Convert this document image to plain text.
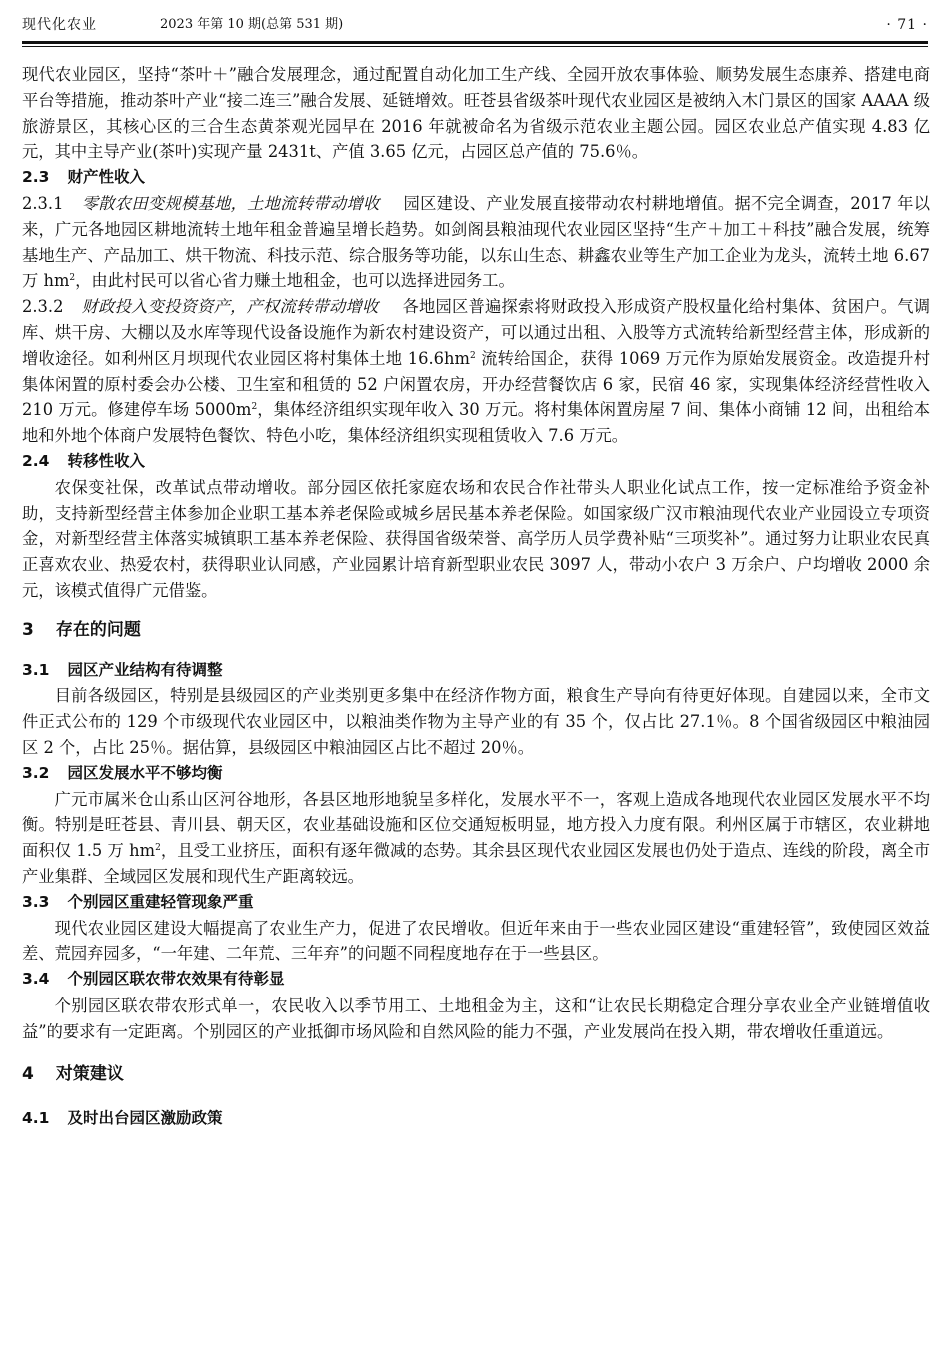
现代化农业	2023 年第 10 期(总第 531 期)	· 71 ·

现代农业园区，坚持“茶叶＋”融合发展理念，通过配置自动化加工生产线、全园开放农事体验、顺势发展生态康养、搭建电商平台等措施，推动茶叶产业“接二连三”融合发展、延链增效。旺苍县省级茶叶现代农业园区是被纳入木门景区的国家 AAAA 级旅游景区，其核心区的三合生态黄茶观光园早在 2016 年就被命名为省级示范农业主题公园。园区农业总产值实现 4.83 亿元，其中主导产业(茶叶)实现产量 2431t、产值 3.65 亿元，占园区总产值的 75.6％。

2.3 财产性收入

2.3.1 零散农田变规模基地，土地流转带动增收 园区建设、产业发展直接带动农村耕地增值。据不完全调查，2017 年以来，广元各地园区耕地流转土地年租金普遍呈增长趋势。如剑阁县粮油现代农业园区坚持“生产＋加工＋科技”融合发展，统筹基地生产、产品加工、烘干物流、科技示范、综合服务等功能，以东山生态、耕鑫农业等生产加工企业为龙头，流转土地 6.67 万 $hm^2$，由此村民可以省心省力赚土地租金，也可以选择进园务工。

2.3.2 财政投入变投资资产，产权流转带动增收 各地园区普遍探索将财政投入形成资产股权量化给村集体、贫困户。气调库、烘干房、大棚以及水库等现代设备设施作为新农村建设资产，可以通过出租、入股等方式流转给新型经营主体，形成新的增收途径。如利州区月坝现代农业园区将村集体土地 $16.6hm^2$ 流转给国企，获得 1069 万元作为原始发展资金。改造提升村集体闲置的原村委会办公楼、卫生室和租赁的 52 户闲置农房，开办经营餐饮店 6 家，民宿 46 家，实现集体经济经营性收入 210 万元。修建停车场 $5000m^2$，集体经济组织实现年收入 30 万元。将村集体闲置房屋 7 间、集体小商铺 12 间，出租给本地和外地个体商户发展特色餐饮、特色小吃，集体经济组织实现租赁收入 7.6 万元。

2.4 转移性收入

农保变社保，改革试点带动增收。部分园区依托家庭农场和农民合作社带头人职业化试点工作，按一定标准给予资金补助，支持新型经营主体参加企业职工基本养老保险或城乡居民基本养老保险。如国家级广汉市粮油现代农业产业园设立专项资金，对新型经营主体落实城镇职工基本养老保险、获得国省级荣誉、高学历人员学费补贴“三项奖补”。通过努力让职业农民真正喜欢农业、热爱农村，获得职业认同感，产业园累计培育新型职业农民 3097 人，带动小农户 3 万余户、户均增收 2000 余元，该模式值得广元借鉴。

3 存在的问题
3.1 园区产业结构有待调整

目前各级园区，特别是县级园区的产业类别更多集中在经济作物方面，粮食生产导向有待更好体现。自建园以来，全市文件正式公布的 129 个市级现代农业园区中，以粮油类作物为主导产业的有 35 个，仅占比 27.1％。8 个国省级园区中粮油园区 2 个，占比 25％。据估算，县级园区中粮油园区占比不超过 20％。

3.2 园区发展水平不够均衡

广元市属米仓山系山区河谷地形，各县区地形地貌呈多样化，发展水平不一，客观上造成各地现代农业园区发展水平不均衡。特别是旺苍县、青川县、朝天区，农业基础设施和区位交通短板明显，地方投入力度有限。利州区属于市辖区，农业耕地面积仅 1.5 万 $hm^2$，且受工业挤压，面积有逐年微减的态势。其余县区现代农业园区发展也仍处于造点、连线的阶段，离全市产业集群、全域园区发展和现代生产距离较远。

3.3 个别园区重建轻管现象严重

现代农业园区建设大幅提高了农业生产力，促进了农民增收。但近年来由于一些农业园区建设“重建轻管”，致使园区效益差、荒园弃园多，“一年建、二年荒、三年弃”的问题不同程度地存在于一些县区。

3.4 个别园区联农带农效果有待彰显

个别园区联农带农形式单一，农民收入以季节用工、土地租金为主，这和“让农民长期稳定合理分享农业全产业链增值收益”的要求有一定距离。个别园区的产业抵御市场风险和自然风险的能力不强，产业发展尚在投入期，带农增收任重道远。

4 对策建议
4.1 及时出台园区激励政策
